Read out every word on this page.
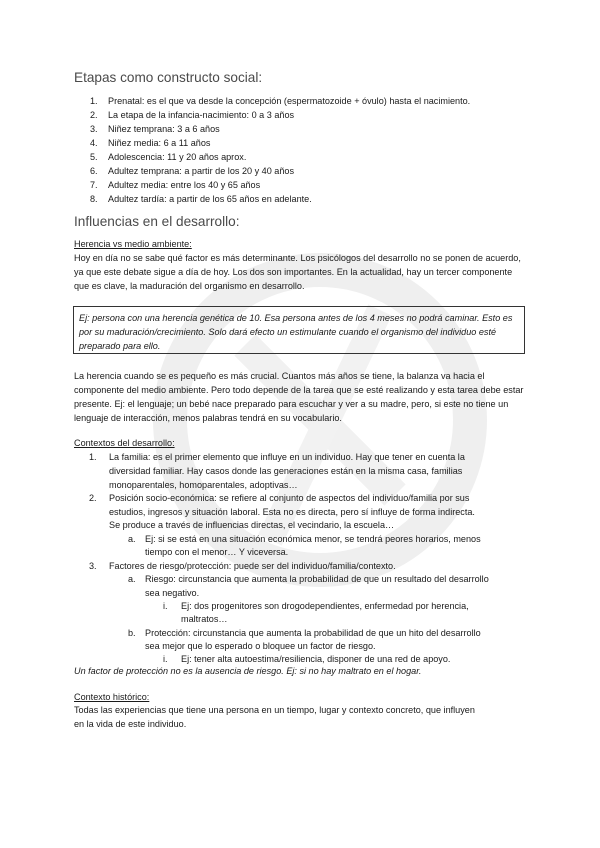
Etapas como constructo social:
1. Prenatal: es el que va desde la concepción (espermatozoide + óvulo) hasta el nacimiento.
2. La etapa de la infancia-nacimiento: 0 a 3 años
3. Niñez temprana: 3 a 6 años
4. Niñez media: 6 a 11 años
5. Adolescencia: 11 y 20 años aprox.
6. Adultez temprana: a partir de los 20 y 40 años
7. Adultez media: entre los 40 y 65 años
8. Adultez tardía: a partir de los 65 años en adelante.
Influencias en el desarrollo:

Herencia vs medio ambiente:

Hoy en día no se sabe qué factor es más determinante. Los psicólogos del desarrollo no se ponen de acuerdo, ya que este debate sigue a día de hoy. Los dos son importantes. En la actualidad, hay un tercer componente que es clave, la maduración del organismo en desarrollo.

Ej: persona con una herencia genética de 10. Esa persona antes de los 4 meses no podrá caminar. Esto es por su maduración/crecimiento. Solo dará efecto un estimulante cuando el organismo del individuo esté preparado para ello.

La herencia cuando se es pequeño es más crucial. Cuantos más años se tiene, la balanza va hacia el componente del medio ambiente. Pero todo depende de la tarea que se esté realizando y esta tarea debe estar presente. Ej: el lenguaje; un bebé nace preparado para escuchar y ver a su madre, pero, si este no tiene un lenguaje de interacción, menos palabras tendrá en su vocabulario.

Contextos del desarrollo:

1. La familia: es el primer elemento que influye en un individuo. Hay que tener en cuenta la
diversidad familiar. Hay casos donde las generaciones están en la misma casa, familias
monoparentales, homoparentales, adoptivas…
2. Posición socio-económica: se refiere al conjunto de aspectos del individuo/familia por sus
estudios, ingresos y situación laboral. Esta no es directa, pero sí influye de forma indirecta.
Se produce a través de influencias directas, el vecindario, la escuela…
a. Ej: si se está en una situación económica menor, se tendrá peores horarios, menos
tiempo con el menor… Y viceversa.
3. Factores de riesgo/protección: puede ser del individuo/familia/contexto.
a. Riesgo: circunstancia que aumenta la probabilidad de que un resultado del desarrollo
sea negativo.
i. Ej: dos progenitores son drogodependientes, enfermedad por herencia,
maltratos…
b. Protección: circunstancia que aumenta la probabilidad de que un hito del desarrollo
sea mejor que lo esperado o bloquee un factor de riesgo.
i. Ej: tener alta autoestima/resiliencia, disponer de una red de apoyo.
Un factor de protección no es la ausencia de riesgo. Ej: si no hay maltrato en el hogar.

Contexto histórico:

Todas las experiencias que tiene una persona en un tiempo, lugar y contexto concreto, que influyen
en la vida de este individuo.
